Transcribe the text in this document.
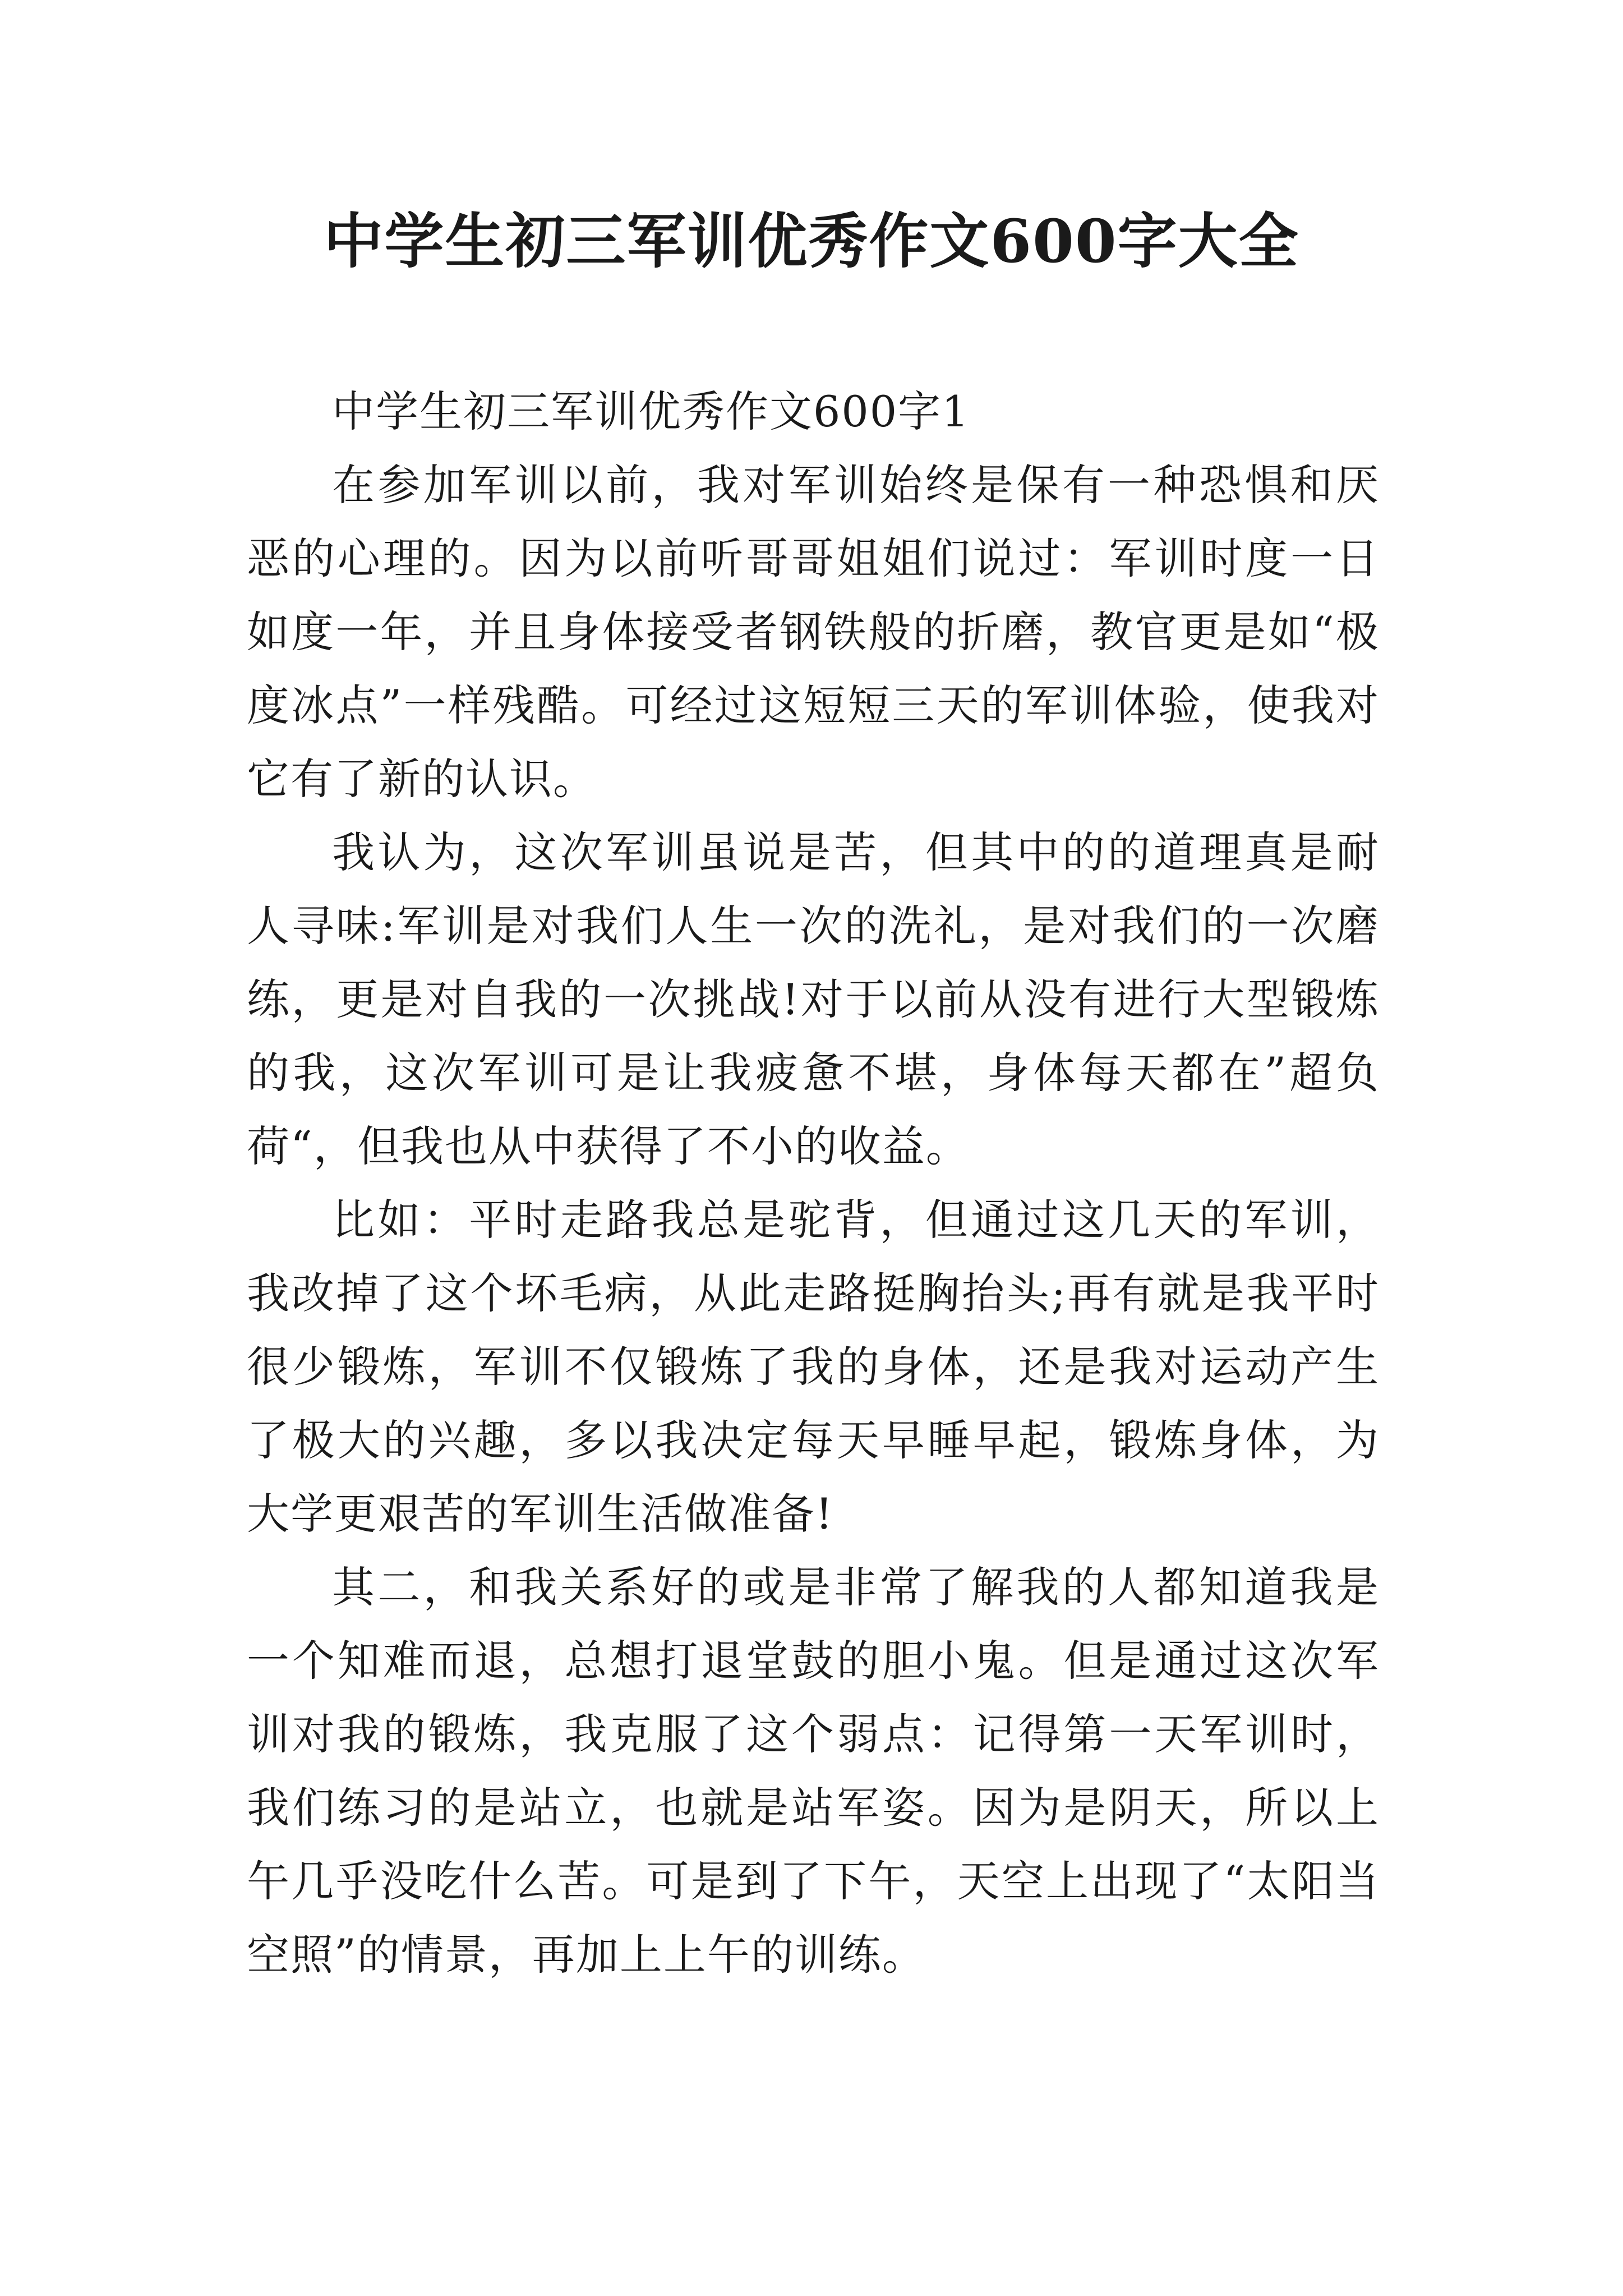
中学生初三军训优秀作文600字大全

中学生初三军训优秀作文600字1

在参加军训以前，我对军训始终是保有一种恐惧和厌恶的心理的。因为以前听哥哥姐姐们说过：军训时度一日如度一年，并且身体接受者钢铁般的折磨，教官更是如“极度冰点”一样残酷。可经过这短短三天的军训体验，使我对它有了新的认识。

我认为，这次军训虽说是苦，但其中的的道理真是耐人寻味:军训是对我们人生一次的洗礼，是对我们的一次磨练，更是对自我的一次挑战!对于以前从没有进行大型锻炼的我，这次军训可是让我疲惫不堪，身体每天都在”超负荷“，但我也从中获得了不小的收益。

比如：平时走路我总是驼背，但通过这几天的军训，我改掉了这个坏毛病，从此走路挺胸抬头;再有就是我平时很少锻炼，军训不仅锻炼了我的身体，还是我对运动产生了极大的兴趣，多以我决定每天早睡早起，锻炼身体，为大学更艰苦的军训生活做准备!

其二，和我关系好的或是非常了解我的人都知道我是一个知难而退，总想打退堂鼓的胆小鬼。但是通过这次军训对我的锻炼，我克服了这个弱点：记得第一天军训时，我们练习的是站立，也就是站军姿。因为是阴天，所以上午几乎没吃什么苦。可是到了下午，天空上出现了“太阳当空照”的情景，再加上上午的训练。
